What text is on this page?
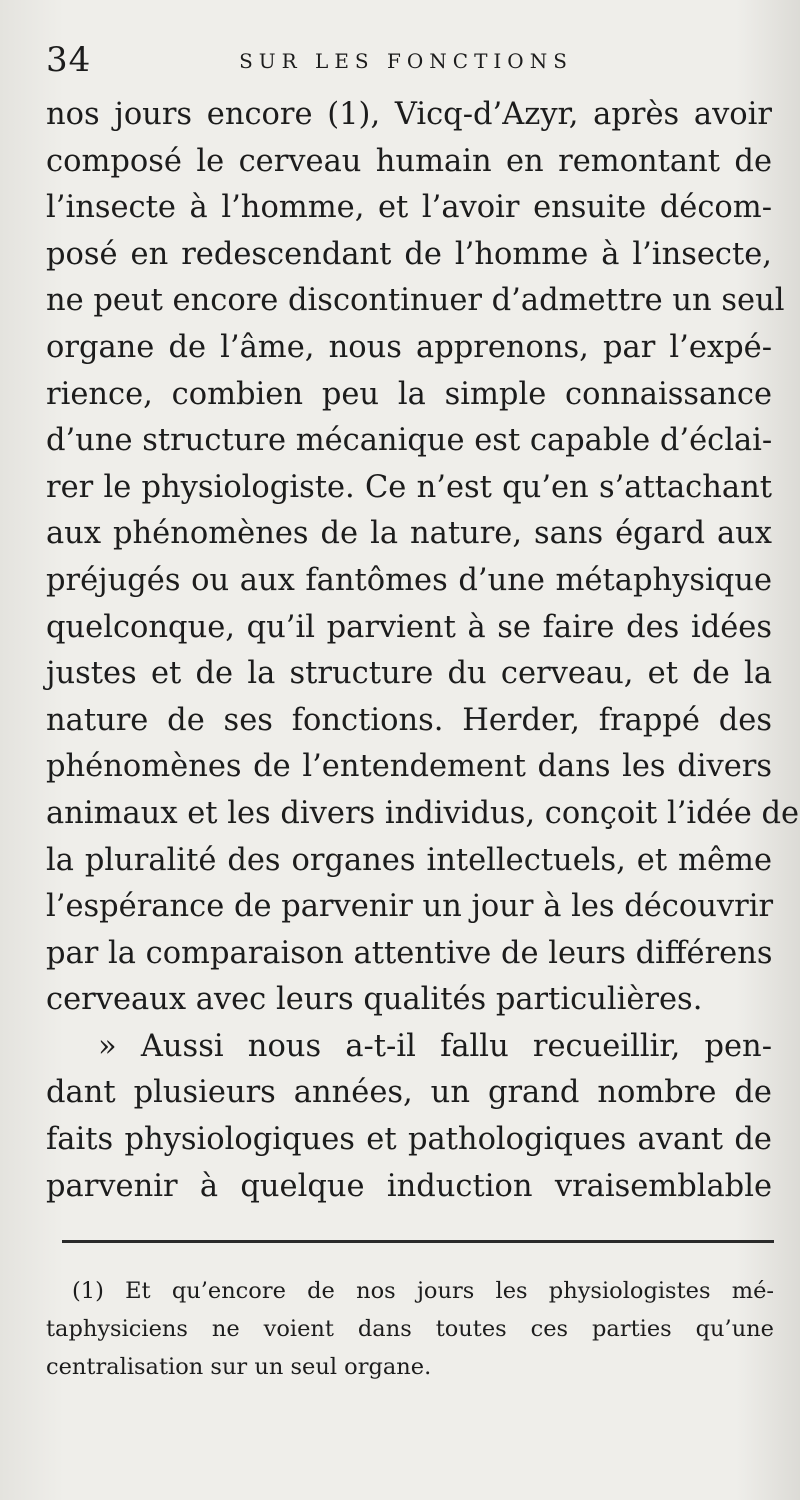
34	SUR LES FONCTIONS
nos jours encore (1), Vicq-d’Azyr, après avoir
composé le cerveau humain en remontant de
l’insecte à l’homme, et l’avoir ensuite décom-
posé en redescendant de l’homme à l’insecte,
ne peut encore discontinuer d’admettre un seul
organe de l’âme, nous apprenons, par l’expé-
rience, combien peu la simple connaissance
d’une structure mécanique est capable d’éclai-
rer le physiologiste. Ce n’est qu’en s’attachant
aux phénomènes de la nature, sans égard aux
préjugés ou aux fantômes d’une métaphysique
quelconque, qu’il parvient à se faire des idées
justes et de la structure du cerveau, et de la
nature de ses fonctions. Herder, frappé des
phénomènes de l’entendement dans les divers
animaux et les divers individus, conçoit l’idée de
la pluralité des organes intellectuels, et même
l’espérance de parvenir un jour à les découvrir
par la comparaison attentive de leurs différens
cerveaux avec leurs qualités particulières.
» Aussi nous a-t-il fallu recueillir, pen-
dant plusieurs années, un grand nombre de
faits physiologiques et pathologiques avant de
parvenir à quelque induction vraisemblable
(1) Et qu’encore de nos jours les physiologistes mé-
taphysiciens ne voient dans toutes ces parties qu’une
centralisation sur un seul organe.
